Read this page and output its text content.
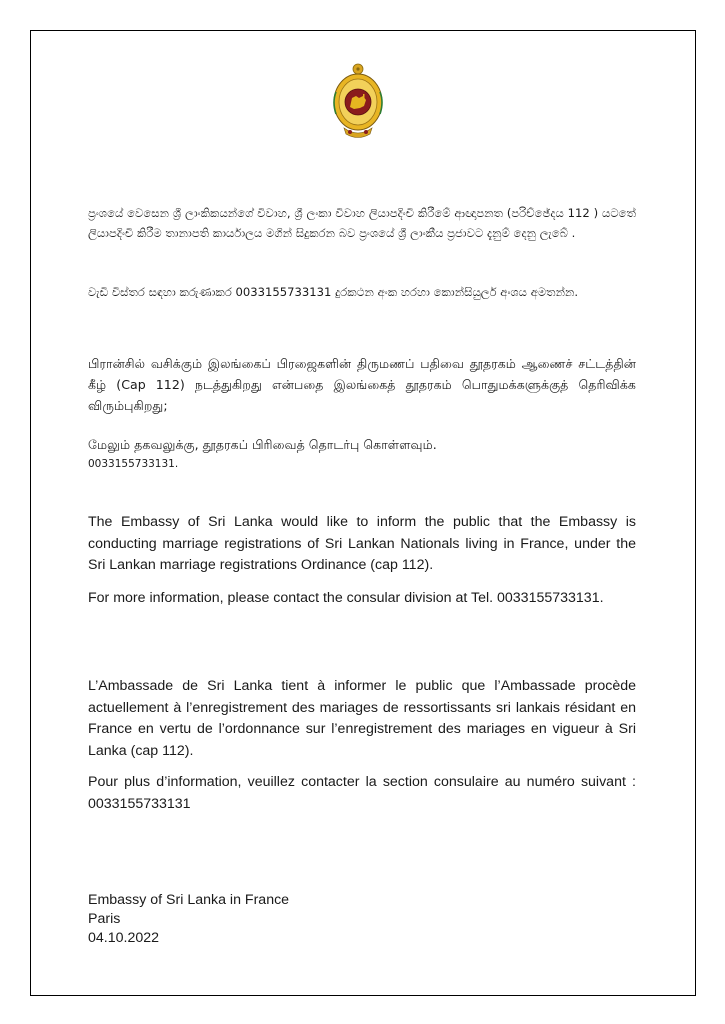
ප්‍රංශයේ වෙසෙන ශ්‍රී ලාංකිකයන්ගේ විවාහ, ශ්‍රී ලංකා විවාහ ලියාපදිංචි කිරීමේ ආඥාපනත (පරිච්ඡේදය 112 ) යටතේ ලියාපදිංචි කිරීම තානාපති කාර්යාලය මගින් සිදුකරන බව ප්‍රංශයේ ශ්‍රී ලාංකීය ප්‍රජාවට දැනුම් දෙනු ලැබේ .

වැඩි විස්තර සඳහා කරුණාකර 0033155733131 දුරකථන අංක හරහා කොන්සියුලර් අංශය අමතන්න.

பிரான்சில் வசிக்கும் இலங்கைப் பிரஜைகளின் திருமணப் பதிவை தூதரகம் ஆணைச் சட்டத்தின் கீழ் (Cap 112) நடத்துகிறது என்பதை இலங்கைத் தூதரகம் பொதுமக்களுக்குத் தெரிவிக்க விரும்புகிறது;

மேலும் தகவலுக்கு, தூதரகப் பிரிவைத் தொடர்பு கொள்ளவும்.
0033155733131.

The Embassy of Sri Lanka would like to inform the public that the Embassy is conducting marriage registrations of Sri Lankan Nationals living in France, under the Sri Lankan marriage registrations Ordinance (cap 112).

For more information, please contact the consular division at Tel. 0033155733131.

L’Ambassade de Sri Lanka tient à informer le public que l’Ambassade procède actuellement à l’enregistrement des mariages de ressortissants sri lankais résidant en France en vertu de l’ordonnance sur l’enregistrement des mariages en vigueur à Sri Lanka (cap 112).

Pour plus d’information, veuillez contacter la section consulaire au numéro suivant : 0033155733131

Embassy of Sri Lanka in France
Paris
04.10.2022
